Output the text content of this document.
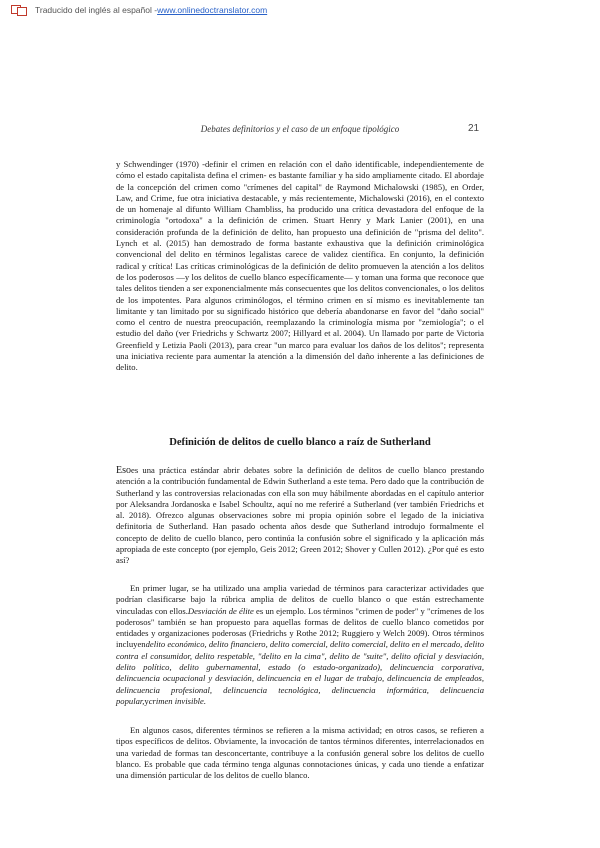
Traducido del inglés al español - www.onlinedoctranslator.com
Debates definitorios y el caso de un enfoque tipológico	21
y Schwendinger (1970) -definir el crimen en relación con el daño identificable, independientemente de cómo el estado capitalista defina el crimen- es bastante familiar y ha sido ampliamente citado. El abordaje de la concepción del crimen como "crímenes del capital" de Raymond Michalowski (1985), en Order, Law, and Crime, fue otra iniciativa destacable, y más recientemente, Michalowski (2016), en el contexto de un homenaje al difunto William Chambliss, ha producido una crítica devastadora del enfoque de la criminología "ortodoxa" a la definición de crimen. Stuart Henry y Mark Lanier (2001), en una consideración profunda de la definición de delito, han propuesto una definición de "prisma del delito". Lynch et al. (2015) han demostrado de forma bastante exhaustiva que la definición criminológica convencional del delito en términos legalistas carece de validez científica. En conjunto, la definición radical y crítica! Las críticas criminológicas de la definición de delito promueven la atención a los delitos de los poderosos —y los delitos de cuello blanco específicamente— y toman una forma que reconoce que tales delitos tienden a ser exponencialmente más consecuentes que los delitos convencionales, o los delitos de los impotentes. Para algunos criminólogos, el término crimen en sí mismo es inevitablemente tan limitante y tan limitado por su significado histórico que debería abandonarse en favor del "daño social" como el centro de nuestra preocupación, reemplazando la criminología misma por "zemiología"; o el estudio del daño (ver Friedrichs y Schwartz 2007; Hillyard et al. 2004). Un llamado por parte de Victoria Greenfield y Letizia Paoli (2013), para crear "un marco para evaluar los daños de los delitos"; representa una iniciativa reciente para aumentar la atención a la dimensión del daño inherente a las definiciones de delito.
Definición de delitos de cuello blanco a raíz de Sutherland
Esoes una práctica estándar abrir debates sobre la definición de delitos de cuello blanco prestando atención a la contribución fundamental de Edwin Sutherland a este tema. Pero dado que la contribución de Sutherland y las controversias relacionadas con ella son muy hábilmente abordadas en el capítulo anterior por Aleksandra Jordanoska e Isabel Schoultz, aquí no me referiré a Sutherland (ver también Friedrichs et al. 2018). Ofrezco algunas observaciones sobre mi propia opinión sobre el legado de la iniciativa definitoria de Sutherland. Han pasado ochenta años desde que Sutherland introdujo formalmente el concepto de delito de cuello blanco, pero continúa la confusión sobre el significado y la aplicación más apropiada de este concepto (por ejemplo, Geis 2012; Green 2012; Shover y Cullen 2012). ¿Por qué es esto así?
En primer lugar, se ha utilizado una amplia variedad de términos para caracterizar actividades que podrían clasificarse bajo la rúbrica amplia de delitos de cuello blanco o que están estrechamente vinculadas con ellos.Desviación de élite es un ejemplo. Los términos "crimen de poder" y "crímenes de los poderosos" también se han propuesto para aquellas formas de delitos de cuello blanco cometidos por entidades y organizaciones poderosas (Friedrichs y Rothe 2012; Ruggiero y Welch 2009). Otros términos incluyendelito económico, delito financiero, delito comercial, delito comercial, delito en el mercado, delito contra el consumidor, delito respetable, "delito en la cima", delito de "suite", delito oficial y desviación, delito político, delito gubernamental, estado (o estado-organizado), delincuencia corporativa, delincuencia ocupacional y desviación, delincuencia en el lugar de trabajo, delincuencia de empleados, delincuencia profesional, delincuencia tecnológica, delincuencia informática, delincuencia popular,ycrimen invisible.
En algunos casos, diferentes términos se refieren a la misma actividad; en otros casos, se refieren a tipos específicos de delitos. Obviamente, la invocación de tantos términos diferentes, interrelacionados en una variedad de formas tan desconcertante, contribuye a la confusión general sobre los delitos de cuello blanco. Es probable que cada término tenga algunas connotaciones únicas, y cada uno tiende a enfatizar una dimensión particular de los delitos de cuello blanco.
